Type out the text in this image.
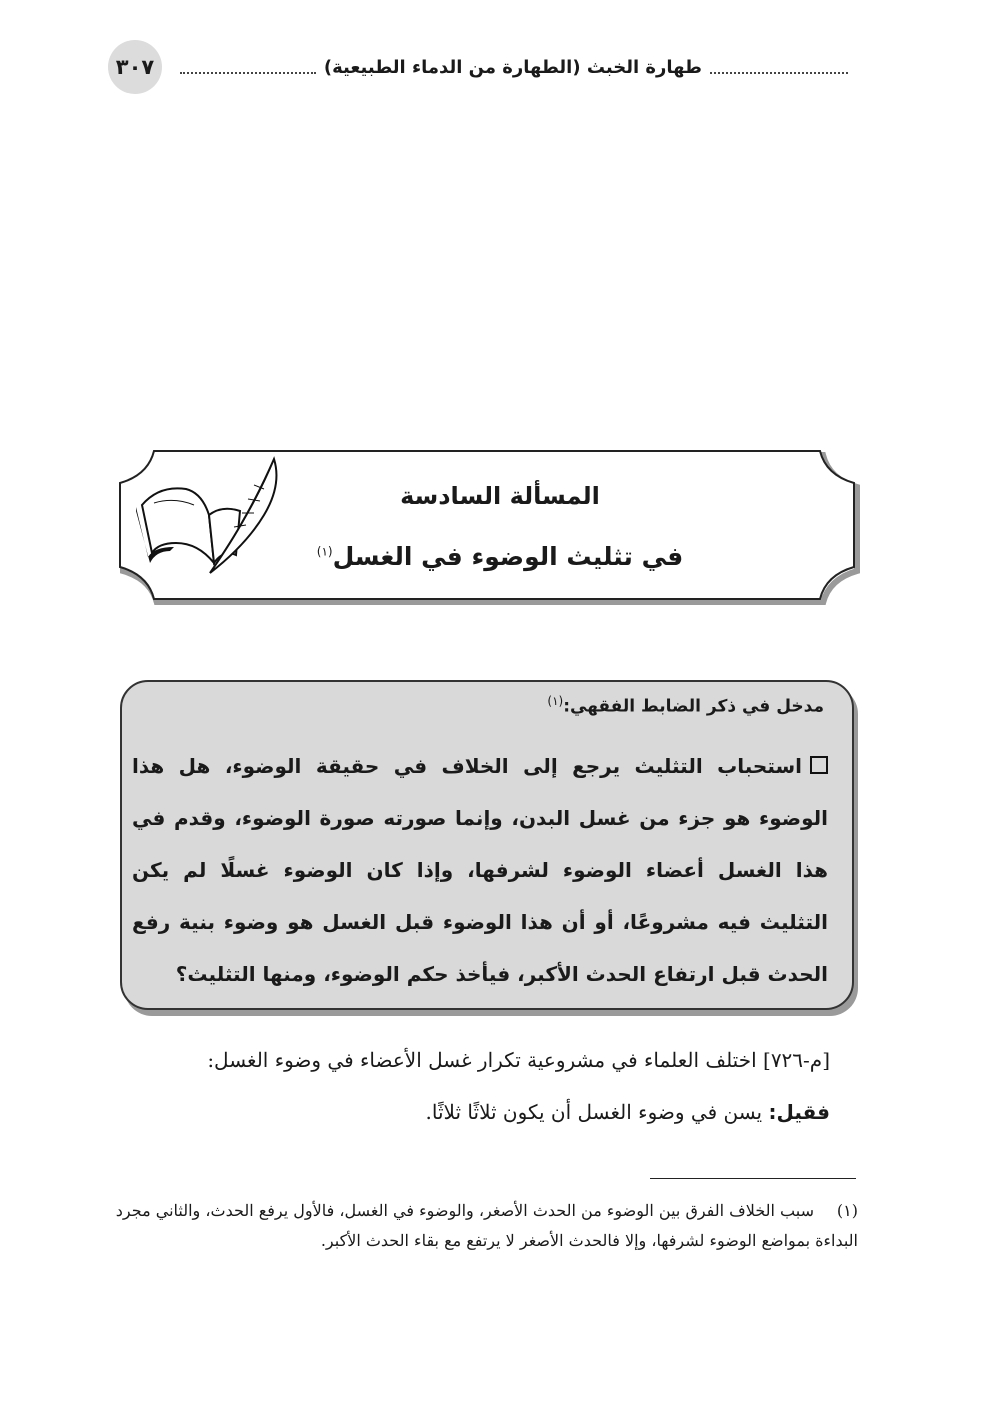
٣٠٧	طهارة الخبث (الطهارة من الدماء الطبيعية)
المسألة السادسة
في تثليث الوضوء في الغسل$^{(١)}$
مدخل في ذكر الضابط الفقهي:$^{(١)}$
استحباب التثليث يرجع إلى الخلاف في حقيقة الوضوء، هل هذا الوضوء هو جزء من غسل البدن، وإنما صورته صورة الوضوء، وقدم في هذا الغسل أعضاء الوضوء لشرفها، وإذا كان الوضوء غسلًا لم يكن التثليث فيه مشروعًا، أو أن هذا الوضوء قبل الغسل هو وضوء بنية رفع الحدث قبل ارتفاع الحدث الأكبر، فيأخذ حكم الوضوء، ومنها التثليث؟

[م-٧٢٦] اختلف العلماء في مشروعية تكرار غسل الأعضاء في وضوء الغسل:

فقيل: يسن في وضوء الغسل أن يكون ثلاثًا ثلاثًا.

(١)سبب الخلاف الفرق بين الوضوء من الحدث الأصغر، والوضوء في الغسل، فالأول يرفع الحدث، والثاني مجرد البداءة بمواضع الوضوء لشرفها، وإلا فالحدث الأصغر لا يرتفع مع بقاء الحدث الأكبر.
